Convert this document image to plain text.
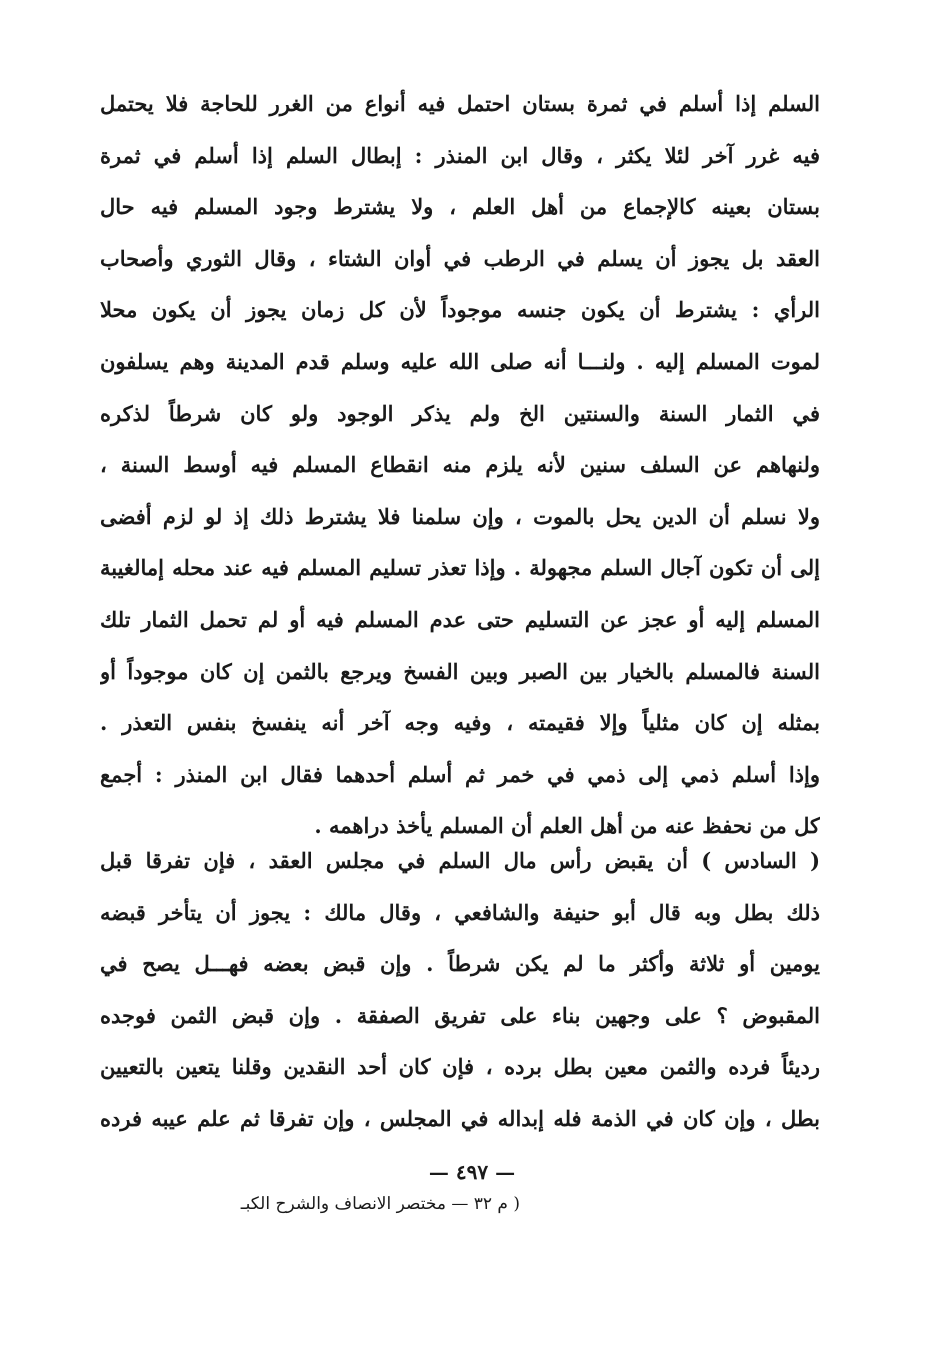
السلم إذا أسلم في ثمرة بستان احتمل فيه أنواع من الغرر للحاجة فلا يحتمل
فيه غرر آخر لئلا يكثر ، وقال ابن المنذر : إبطال السلم إذا أسلم في ثمرة
بستان بعينه كالإجماع من أهل العلم ، ولا يشترط وجود المسلم فيه حال
العقد بل يجوز أن يسلم في الرطب في أوان الشتاء ، وقال الثوري وأصحاب
الرأي : يشترط أن يكون جنسه موجوداً لأن كل زمان يجوز أن يكون محلا
لموت المسلم إليه . ولنـــا أنه صلى الله عليه وسلم قدم المدينة وهم يسلفون
في الثمار السنة والسنتين الخ ولم يذكر الوجود ولو كان شرطاً لذكره
ولنهاهم عن السلف سنين لأنه يلزم منه انقطاع المسلم فيه أوسط السنة ،
ولا نسلم أن الدين يحل بالموت ، وإن سلمنا فلا يشترط ذلك إذ لو لزم أفضى
إلى أن تكون آجال السلم مجهولة . وإذا تعذر تسليم المسلم فيه عند محله إمالغيبة
المسلم إليه أو عجز عن التسليم حتى عدم المسلم فيه أو لم تحمل الثمار تلك
السنة فالمسلم بالخيار بين الصبر وبين الفسخ ويرجع بالثمن إن كان موجوداً أو
بمثله إن كان مثلياً وإلا فقيمته ، وفيه وجه آخر أنه ينفسخ بنفس التعذر .
وإذا أسلم ذمي إلى ذمي في خمر ثم أسلم أحدهما فقال ابن المنذر : أجمع
كل من نحفظ عنه من أهل العلم أن المسلم يأخذ دراهمه .
( السادس ) أن يقبض رأس مال السلم في مجلس العقد ، فإن تفرقا قبل
ذلك بطل وبه قال أبو حنيفة والشافعي ، وقال مالك : يجوز أن يتأخر قبضه
يومين أو ثلاثة وأكثر ما لم يكن شرطاً . وإن قبض بعضه فهـــل يصح في
المقبوض ؟ على وجهين بناء على تفريق الصفقة . وإن قبض الثمن فوجده
رديئاً فرده والثمن معين بطل برده ، فإن كان أحد النقدين وقلنا يتعين بالتعيين
بطل ، وإن كان في الذمة فله إبداله في المجلس ، وإن تفرقا ثم علم عيبه فرده
— ٤٩٧ —
( م ٣٢ — مختصر الانصاف والشرح الكبـ
